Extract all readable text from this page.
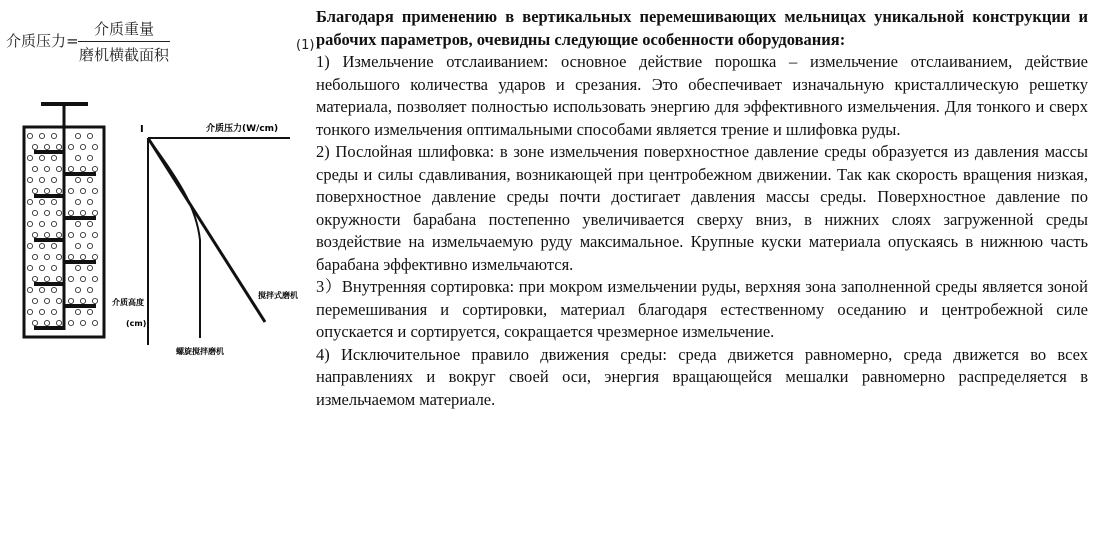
介质压力=
介质重量
磨机横截面积
(1)
I	介质压力(W/cm)
介质高度
(cm)
搅拌式磨机
螺旋搅拌磨机

Благодаря применению в вертикальных перемешивающих мельницах уникальной конструкции и рабочих параметров, очевидны следующие особенности оборудования:

1) Измельчение отслаиванием: основное действие порошка – измельчение отслаиванием, действие небольшого количества ударов и срезания. Это обеспечивает изначальную кристаллическую решетку материала, позволяет полностью использовать энергию для эффективного измельчения. Для тонкого и сверх тонкого измельчения оптимальными способами является трение и шлифовка руды.

2) Послойная шлифовка: в зоне измельчения поверхностное давление среды образуется из давления массы среды и силы сдавливания, возникающей при центробежном движении. Так как скорость вращения низкая, поверхностное давление среды почти достигает давления массы среды. Поверхностное давление по окружности барабана постепенно увеличивается сверху вниз, в нижних слоях загруженной среды воздействие на измельчаемую руду максимальное. Крупные куски материала опускаясь в нижнюю часть барабана эффективно измельчаются.

3）Внутренняя сортировка: при мокром измельчении руды, верхняя зона заполненной среды является зоной перемешивания и сортировки, материал благодаря естественному оседанию и центробежной силе опускается и сортируется, сокращается чрезмерное измельчение.

4) Исключительное правило движения среды: среда движется равномерно, среда движется во всех направлениях и вокруг своей оси, энергия вращающейся мешалки равномерно распределяется в измельчаемом материале.
